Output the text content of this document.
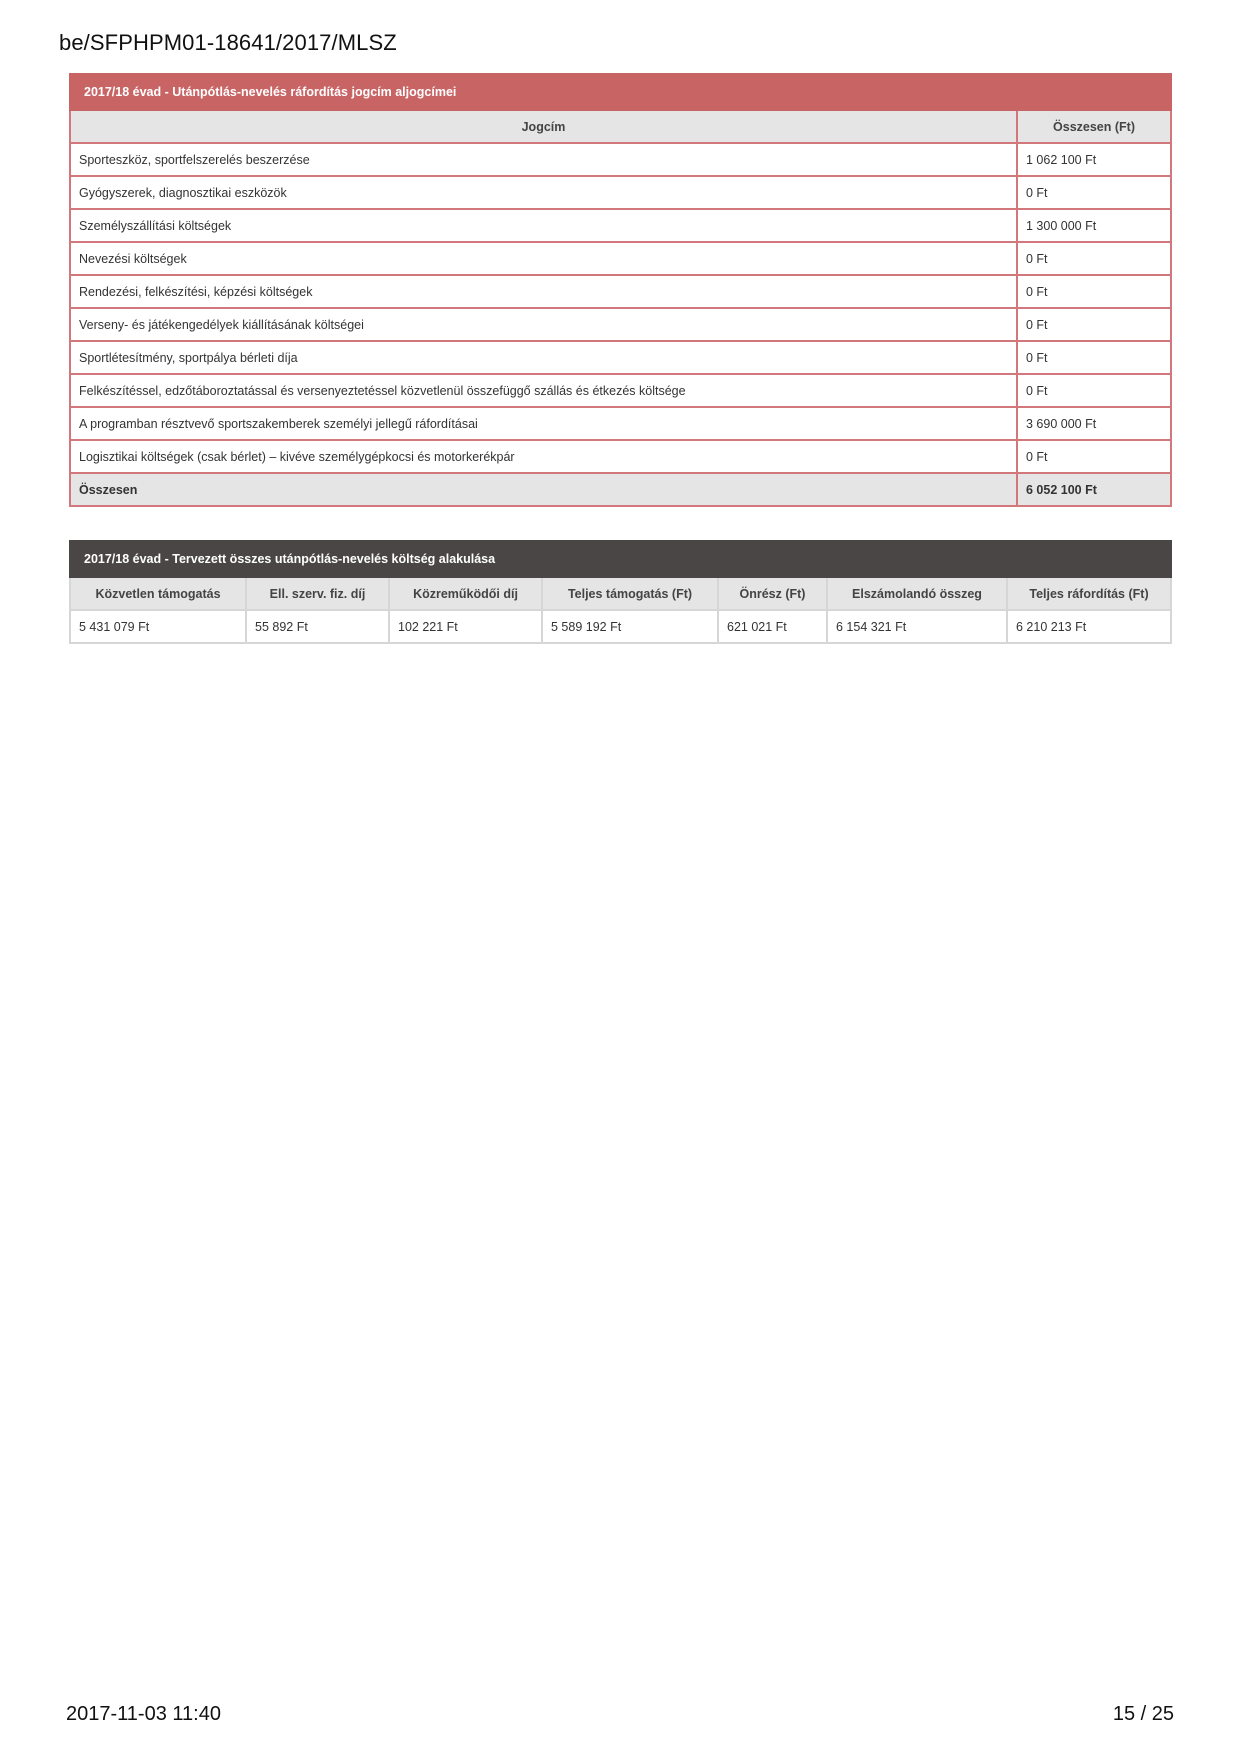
be/SFPHPM01-18641/2017/MLSZ
2017/18 évad - Utánpótlás-nevelés ráfordítás jogcím aljogcímei	
Jogcím	Összesen (Ft)
Sporteszköz, sportfelszerelés beszerzése	1 062 100 Ft
Gyógyszerek, diagnosztikai eszközök	0 Ft
Személyszállítási költségek	1 300 000 Ft
Nevezési költségek	0 Ft
Rendezési, felkészítési, képzési költségek	0 Ft
Verseny- és játékengedélyek kiállításának költségei	0 Ft
Sportlétesítmény, sportpálya bérleti díja	0 Ft
Felkészítéssel, edzőtáboroztatással és versenyeztetéssel közvetlenül összefüggő szállás és étkezés költsége	0 Ft
A programban résztvevő sportszakemberek személyi jellegű ráfordításai	3 690 000 Ft
Logisztikai költségek (csak bérlet) – kivéve személygépkocsi és motorkerékpár	0 Ft
Összesen	6 052 100 Ft
2017/18 évad - Tervezett összes utánpótlás-nevelés költség alakulása						
Közvetlen támogatás	Ell. szerv. fiz. díj	Közreműködői díj	Teljes támogatás (Ft)	Önrész (Ft)	Elszámolandó összeg	Teljes ráfordítás (Ft)
5 431 079 Ft	55 892 Ft	102 221 Ft	5 589 192 Ft	621 021 Ft	6 154 321 Ft	6 210 213 Ft
2017-11-03 11:40	15 / 25
